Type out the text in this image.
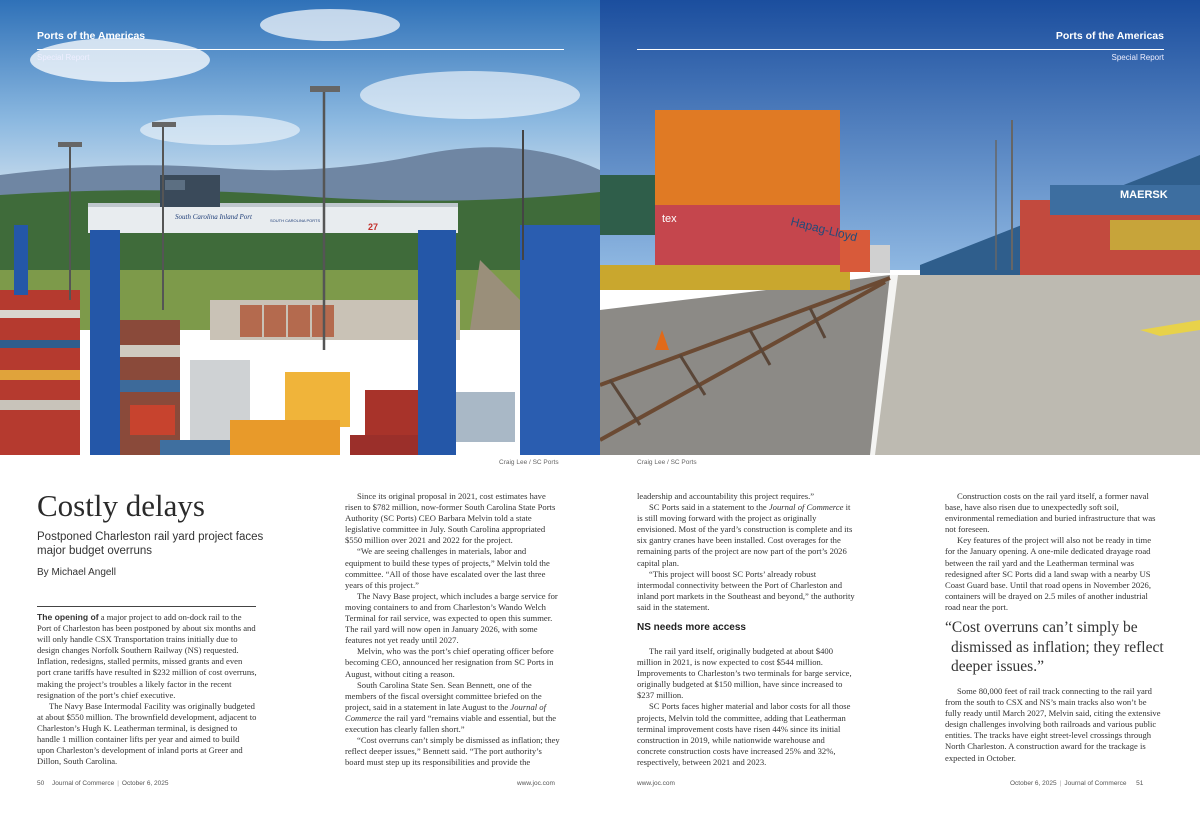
South Carolina Inland Port	SOUTH CAROLINA PORTS
27
Ports of the Americas
Special Report
Craig Lee / SC Ports
Costly delays
Postponed Charleston rail yard project faces major budget overruns
By Michael Angell

The opening of a major project to add on-dock rail to the Port of Charleston has been postponed by about six months and will only handle CSX Transportation trains initially due to design changes Norfolk Southern Railway (NS) requested. Inflation, redesigns, stalled permits, missed grants and even port crane tariffs have resulted in $232 million of cost overruns, making the project’s troubles a likely factor in the recent resignation of the port’s chief executive.

The Navy Base Intermodal Facility was originally budgeted at about $550 million. The brownfield development, adjacent to Charleston’s Hugh K. Leatherman terminal, is designed to handle 1 million container lifts per year and aimed to build upon Charleston’s development of inland ports at Greer and Dillon, South Carolina.

Since its original proposal in 2021, cost estimates have risen to $782 million, now-former South Carolina State Ports Authority (SC Ports) CEO Barbara Melvin told a state legislative committee in July. South Carolina appropriated $550 million over 2021 and 2022 for the project.

“We are seeing challenges in materials, labor and equipment to build these types of projects,” Melvin told the committee. “All of those have escalated over the last three years of this project.”

The Navy Base project, which includes a barge service for moving containers to and from Charleston’s Wando Welch Terminal for rail service, was expected to open this summer. The rail yard will now open in January 2026, with some features not yet ready until 2027.

Melvin, who was the port’s chief operating officer before becoming CEO, announced her resignation from SC Ports in August, without citing a reason.

South Carolina State Sen. Sean Bennett, one of the members of the fiscal oversight committee briefed on the project, said in a statement in late August to the Journal of Commerce the rail yard “remains viable and essential, but the execution has clearly fallen short.”

“Cost overruns can’t simply be dismissed as inflation; they reflect deeper issues,” Bennett said. “The port authority’s board must step up its responsibilities and provide the

50 Journal of Commerce | October 6, 2025	www.joc.com
Hapag-Lloyd
tex
MAERSK
Ports of the Americas
Special Report
Craig Lee / SC Ports
www.joc.com	October 6, 2025 | Journal of Commerce 51

leadership and accountability this project requires.”

SC Ports said in a statement to the Journal of Commerce it is still moving forward with the project as originally envisioned. Most of the yard’s construction is complete and its six gantry cranes have been installed. Cost overages for the remaining parts of the project are now part of the port’s 2026 capital plan.

“This project will boost SC Ports’ already robust intermodal connectivity between the Port of Charleston and inland port markets in the Southeast and beyond,” the authority said in the statement.

NS needs more access

The rail yard itself, originally budgeted at about $400 million in 2021, is now expected to cost $544 million. Improvements to Charleston’s two terminals for barge service, originally budgeted at $150 million, have since increased to $237 million.

SC Ports faces higher material and labor costs for all those projects, Melvin told the committee, adding that Leatherman terminal improvement costs have risen 44% since its initial construction in 2019, while nationwide warehouse and concrete construction costs have increased 25% and 32%, respectively, between 2021 and 2023.

Construction costs on the rail yard itself, a former naval base, have also risen due to unexpectedly soft soil, environmental remediation and buried infrastructure that was not foreseen.

Key features of the project will also not be ready in time for the January opening. A one-mile dedicated drayage road between the rail yard and the Leatherman terminal was redesigned after SC Ports did a land swap with a nearby US Coast Guard base. Until that road opens in November 2026, containers will be drayed on 2.5 miles of another industrial road near the port.

“Cost overruns can’t simply be dismissed as inflation; they reflect deeper issues.”

Some 80,000 feet of rail track connecting to the rail yard from the south to CSX and NS’s main tracks also won’t be fully ready until March 2027, Melvin said, citing the extensive design challenges involving both railroads and various public entities. The tracks have eight street-level crossings through North Charleston. A construction award for the trackage is expected in October.
